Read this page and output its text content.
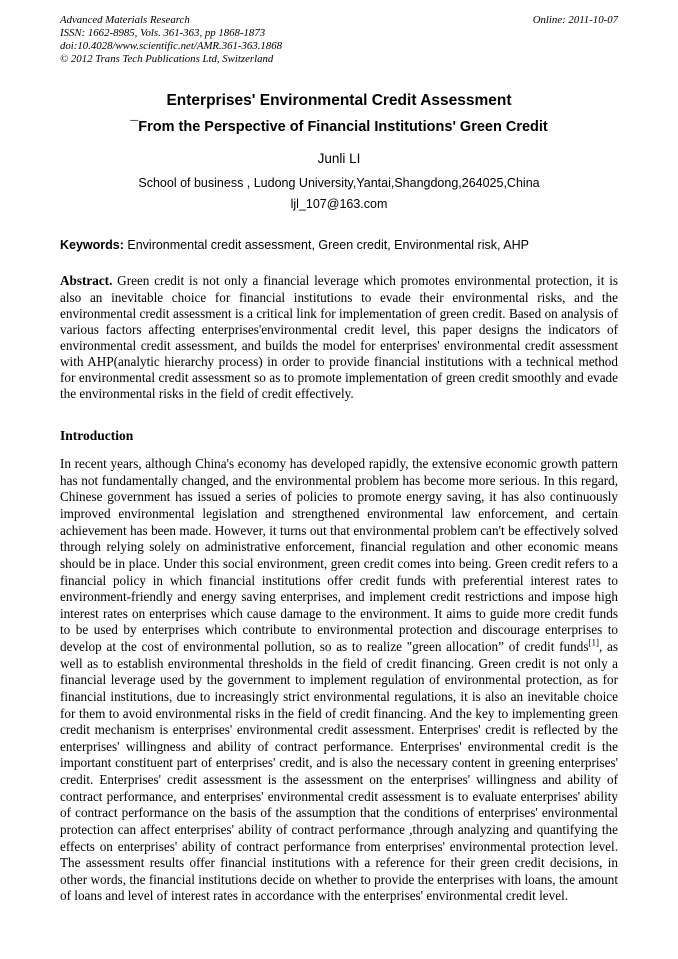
Advanced Materials Research
ISSN: 1662-8985, Vols. 361-363, pp 1868-1873
doi:10.4028/www.scientific.net/AMR.361-363.1868
© 2012 Trans Tech Publications Ltd, Switzerland
Online: 2011-10-07
Enterprises' Environmental Credit Assessment
¯From the Perspective of Financial Institutions' Green Credit
Junli LI
School of business , Ludong University,Yantai,Shangdong,264025,China
ljl_107@163.com

Keywords: Environmental credit assessment, Green credit, Environmental risk, AHP

Abstract. Green credit is not only a financial leverage which promotes environmental protection, it is also an inevitable choice for financial institutions to evade their environmental risks, and the environmental credit assessment is a critical link for implementation of green credit. Based on analysis of various factors affecting enterprises'environmental credit level, this paper designs the indicators of environmental credit assessment, and builds the model for enterprises' environmental credit assessment with AHP(analytic hierarchy process) in order to provide financial institutions with a technical method for environmental credit assessment so as to promote implementation of green credit smoothly and evade the environmental risks in the field of credit effectively.

Introduction

In recent years, although China's economy has developed rapidly, the extensive economic growth pattern has not fundamentally changed, and the environmental problem has become more serious. In this regard, Chinese government has issued a series of policies to promote energy saving, it has also continuously improved environmental legislation and strengthened environmental law enforcement, and certain achievement has been made. However, it turns out that environmental problem can't be effectively solved through relying solely on administrative enforcement, financial regulation and other economic means should be in place. Under this social environment, green credit comes into being. Green credit refers to a financial policy in which financial institutions offer credit funds with preferential interest rates to environment-friendly and energy saving enterprises, and implement credit restrictions and impose high interest rates on enterprises which cause damage to the environment. It aims to guide more credit funds to be used by enterprises which contribute to environmental protection and discourage enterprises to develop at the cost of environmental pollution, so as to realize "green allocation” of credit funds[1], as well as to establish environmental thresholds in the field of credit financing. Green credit is not only a financial leverage used by the government to implement regulation of environmental protection, as for financial institutions, due to increasingly strict environmental regulations, it is also an inevitable choice for them to avoid environmental risks in the field of credit financing. And the key to implementing green credit mechanism is enterprises' environmental credit assessment. Enterprises' credit is reflected by the enterprises' willingness and ability of contract performance. Enterprises' environmental credit is the important constituent part of enterprises' credit, and is also the necessary content in greening enterprises' credit. Enterprises' credit assessment is the assessment on the enterprises' willingness and ability of contract performance, and enterprises' environmental credit assessment is to evaluate enterprises' ability of contract performance on the basis of the assumption that the conditions of enterprises' environmental protection can affect enterprises' ability of contract performance ,through analyzing and quantifying the effects on enterprises' ability of contract performance from enterprises' environmental protection level. The assessment results offer financial institutions with a reference for their green credit decisions, in other words, the financial institutions decide on whether to provide the enterprises with loans, the amount of loans and level of interest rates in accordance with the enterprises' environmental credit level.
